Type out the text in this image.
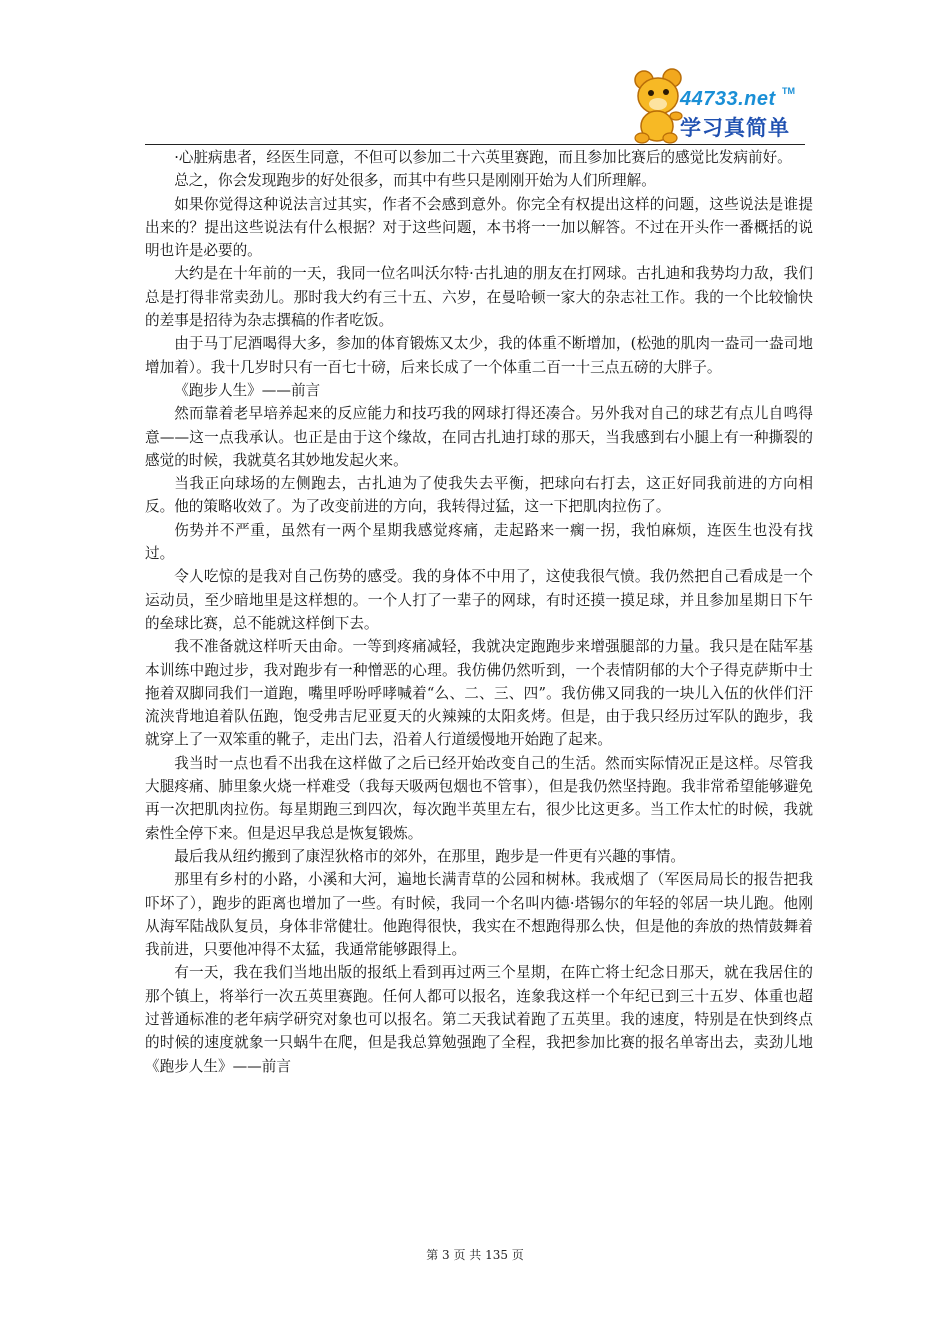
44733.net TM
学习真简单

·心脏病患者，经医生同意，不但可以参加二十六英里赛跑，而且参加比赛后的感觉比发病前好。

总之，你会发现跑步的好处很多，而其中有些只是刚刚开始为人们所理解。

如果你觉得这种说法言过其实，作者不会感到意外。你完全有权提出这样的问题，这些说法是谁提出来的？提出这些说法有什么根据？对于这些问题，本书将一一加以解答。不过在开头作一番概括的说明也许是必要的。

大约是在十年前的一天，我同一位名叫沃尔特·古扎迪的朋友在打网球。古扎迪和我势均力敌，我们总是打得非常卖劲儿。那时我大约有三十五、六岁，在曼哈顿一家大的杂志社工作。我的一个比较愉快的差事是招待为杂志撰稿的作者吃饭。

由于马丁尼酒喝得大多，参加的体育锻炼又太少，我的体重不断增加，(松弛的肌肉一盎司一盎司地增加着）。我十几岁时只有一百七十磅，后来长成了一个体重二百一十三点五磅的大胖子。

《跑步人生》——前言

然而靠着老早培养起来的反应能力和技巧我的网球打得还凑合。另外我对自己的球艺有点儿自鸣得意——这一点我承认。也正是由于这个缘故，在同古扎迪打球的那天，当我感到右小腿上有一种撕裂的感觉的时候，我就莫名其妙地发起火来。

当我正向球场的左侧跑去，古扎迪为了使我失去平衡，把球向右打去，这正好同我前进的方向相反。他的策略收效了。为了改变前进的方向，我转得过猛，这一下把肌肉拉伤了。

伤势并不严重，虽然有一两个星期我感觉疼痛，走起路来一瘸一拐，我怕麻烦，连医生也没有找过。

令人吃惊的是我对自己伤势的感受。我的身体不中用了，这使我很气愤。我仍然把自己看成是一个运动员，至少暗地里是这样想的。一个人打了一辈子的网球，有时还摸一摸足球，并且参加星期日下午的垒球比赛，总不能就这样倒下去。

我不准备就这样听天由命。一等到疼痛减轻，我就决定跑跑步来增强腿部的力量。我只是在陆军基本训练中跑过步，我对跑步有一种憎恶的心理。我仿佛仍然听到，一个表情阴郁的大个子得克萨斯中士拖着双脚同我们一道跑，嘴里呼吩呼哮喊着“么、二、三、四”。我仿佛又同我的一块儿入伍的伙伴们汗流浃背地追着队伍跑，饱受弗吉尼亚夏天的火辣辣的太阳炙烤。但是，由于我只经历过军队的跑步，我就穿上了一双笨重的靴子，走出门去，沿着人行道缓慢地开始跑了起来。

我当时一点也看不出我在这样做了之后已经开始改变自己的生活。然而实际情况正是这样。尽管我大腿疼痛、肺里象火烧一样难受（我每天吸两包烟也不管事），但是我仍然坚持跑。我非常希望能够避免再一次把肌肉拉伤。每星期跑三到四次，每次跑半英里左右，很少比这更多。当工作太忙的时候，我就索性全停下来。但是迟早我总是恢复锻炼。

最后我从纽约搬到了康涅狄格市的郊外，在那里，跑步是一件更有兴趣的事情。

那里有乡村的小路，小溪和大河，遍地长满青草的公园和树林。我戒烟了（军医局局长的报告把我吓坏了），跑步的距离也增加了一些。有时候，我同一个名叫内德·塔锡尔的年轻的邻居一块儿跑。他刚从海军陆战队复员，身体非常健壮。他跑得很快，我实在不想跑得那么快，但是他的奔放的热情鼓舞着我前进，只要他冲得不太猛，我通常能够跟得上。

有一天，我在我们当地出版的报纸上看到再过两三个星期，在阵亡将士纪念日那天，就在我居住的那个镇上，将举行一次五英里赛跑。任何人都可以报名，连象我这样一个年纪已到三十五岁、体重也超过普通标准的老年病学研究对象也可以报名。第二天我试着跑了五英里。我的速度，特别是在快到终点的时候的速度就象一只蜗牛在爬，但是我总算勉强跑了全程，我把参加比赛的报名单寄出去，卖劲儿地《跑步人生》——前言

第 3 页 共 135 页
